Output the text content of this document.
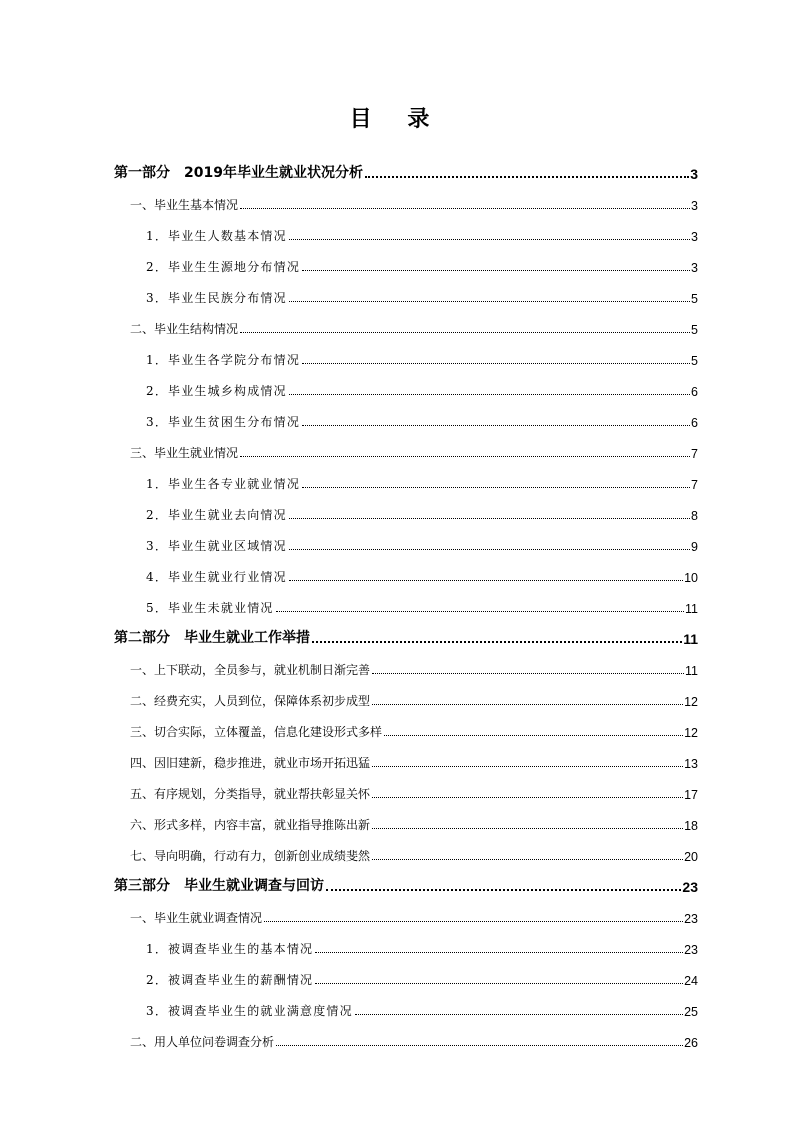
目 录
第一部分　2019年毕业生就业状况分析	3
一、毕业生基本情况	3
1．毕业生人数基本情况	3
2．毕业生生源地分布情况	3
3．毕业生民族分布情况	5
二、毕业生结构情况	5
1．毕业生各学院分布情况	5
2．毕业生城乡构成情况	6
3．毕业生贫困生分布情况	6
三、毕业生就业情况	7
1．毕业生各专业就业情况	7
2．毕业生就业去向情况	8
3．毕业生就业区域情况	9
4．毕业生就业行业情况	10
5．毕业生未就业情况	11
第二部分　毕业生就业工作举措	11
一、上下联动，全员参与，就业机制日渐完善	11
二、经费充实，人员到位，保障体系初步成型	12
三、切合实际，立体覆盖，信息化建设形式多样	12
四、因旧建新，稳步推进，就业市场开拓迅猛	13
五、有序规划，分类指导，就业帮扶彰显关怀	17
六、形式多样，内容丰富，就业指导推陈出新	18
七、导向明确，行动有力，创新创业成绩斐然	20
第三部分　毕业生就业调查与回访	23
一、毕业生就业调查情况	23
1．被调查毕业生的基本情况	23
2．被调查毕业生的薪酬情况	24
3．被调查毕业生的就业满意度情况	25
二、用人单位问卷调查分析	26
